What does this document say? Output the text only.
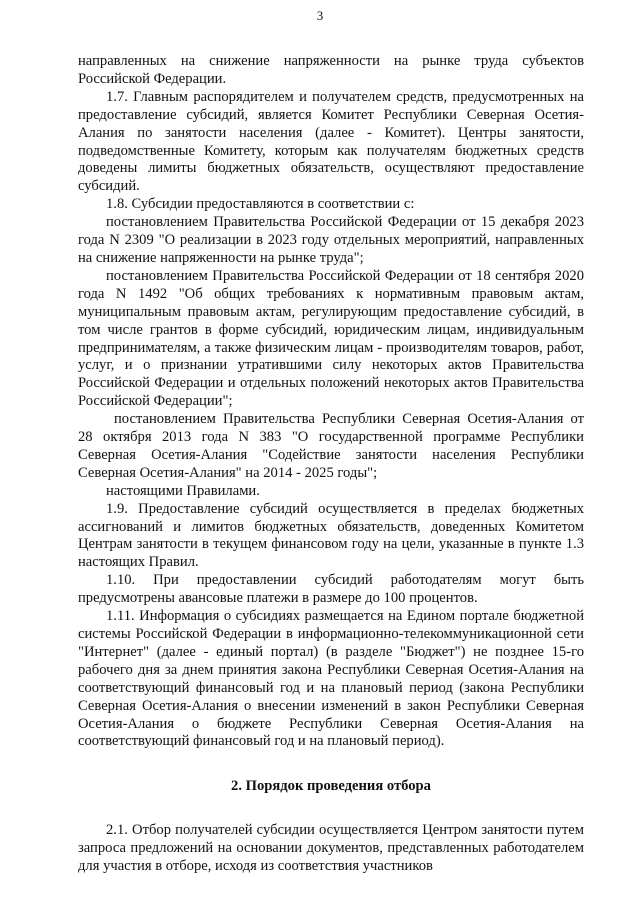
3

направленных на снижение напряженности на рынке труда субъектов Российской Федерации.

1.7. Главным распорядителем и получателем средств, предусмотренных на предоставление субсидий, является Комитет Республики Северная Осетия-Алания по занятости населения (далее - Комитет). Центры занятости, подведомственные Комитету, которым как получателям бюджетных средств доведены лимиты бюджетных обязательств, осуществляют предоставление субсидий.

1.8. Субсидии предоставляются в соответствии с:

постановлением Правительства Российской Федерации от 15 декабря 2023 года N 2309 "О реализации в 2023 году отдельных мероприятий, направленных на снижение напряженности на рынке труда";

постановлением Правительства Российской Федерации от 18 сентября 2020 года N 1492 "Об общих требованиях к нормативным правовым актам, муниципальным правовым актам, регулирующим предоставление субсидий, в том числе грантов в форме субсидий, юридическим лицам, индивидуальным предпринимателям, а также физическим лицам - производителям товаров, работ, услуг, и о признании утратившими силу некоторых актов Правительства Российской Федерации и отдельных положений некоторых актов Правительства Российской Федерации";

постановлением Правительства Республики Северная Осетия-Алания от 28 октября 2013 года N 383 "О государственной программе Республики Северная Осетия-Алания "Содействие занятости населения Республики Северная Осетия-Алания" на 2014 - 2025 годы";

настоящими Правилами.

1.9. Предоставление субсидий осуществляется в пределах бюджетных ассигнований и лимитов бюджетных обязательств, доведенных Комитетом Центрам занятости в текущем финансовом году на цели, указанные в пункте 1.3 настоящих Правил.

1.10. При предоставлении субсидий работодателям могут быть предусмотрены авансовые платежи в размере до 100 процентов.

1.11. Информация о субсидиях размещается на Едином портале бюджетной системы Российской Федерации в информационно-телекоммуникационной сети "Интернет" (далее - единый портал) (в разделе "Бюджет") не позднее 15-го рабочего дня за днем принятия закона Республики Северная Осетия-Алания на соответствующий финансовый год и на плановый период (закона Республики Северная Осетия-Алания о внесении изменений в закон Республики Северная Осетия-Алания о бюджете Республики Северная Осетия-Алания на соответствующий финансовый год и на плановый период).

2. Порядок проведения отбора

2.1. Отбор получателей субсидии осуществляется Центром занятости путем запроса предложений на основании документов, представленных работодателем для участия в отборе, исходя из соответствия участников
